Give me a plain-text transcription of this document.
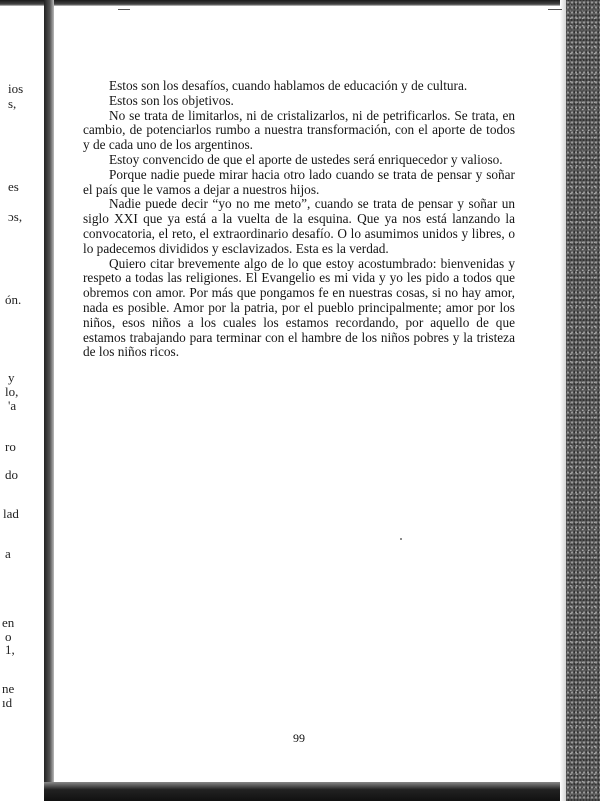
ios
s,
es
ɔs,
ón.
y
lo,
'a
ro
do
lad
a
en
o
1,
ne
ıd

Estos son los desafíos, cuando hablamos de educación y de cultura.

Estos son los objetivos.

No se trata de limitarlos, ni de cristalizarlos, ni de petrificarlos. Se trata, en cambio, de potenciarlos rumbo a nuestra transformación, con el aporte de todos y de cada uno de los argentinos.

Estoy convencido de que el aporte de ustedes será enriquecedor y valioso.

Porque nadie puede mirar hacia otro lado cuando se trata de pensar y soñar el país que le vamos a dejar a nuestros hijos.

Nadie puede decir “yo no me meto”, cuando se trata de pensar y soñar un siglo XXI que ya está a la vuelta de la esquina. Que ya nos está lanzando la convocatoria, el reto, el extraordinario desafío. O lo asumimos unidos y libres, o lo padecemos divididos y esclavizados. Esta es la verdad.

Quiero citar brevemente algo de lo que estoy acostumbrado: bienvenidas y respeto a todas las religiones. El Evangelio es mi vida y yo les pido a todos que obremos con amor. Por más que pongamos fe en nuestras cosas, si no hay amor, nada es posible. Amor por la patria, por el pueblo principalmente; amor por los niños, esos niños a los cuales los estamos recordando, por aquello de que estamos trabajando para terminar con el hambre de los niños pobres y la tristeza de los niños ricos.

99
